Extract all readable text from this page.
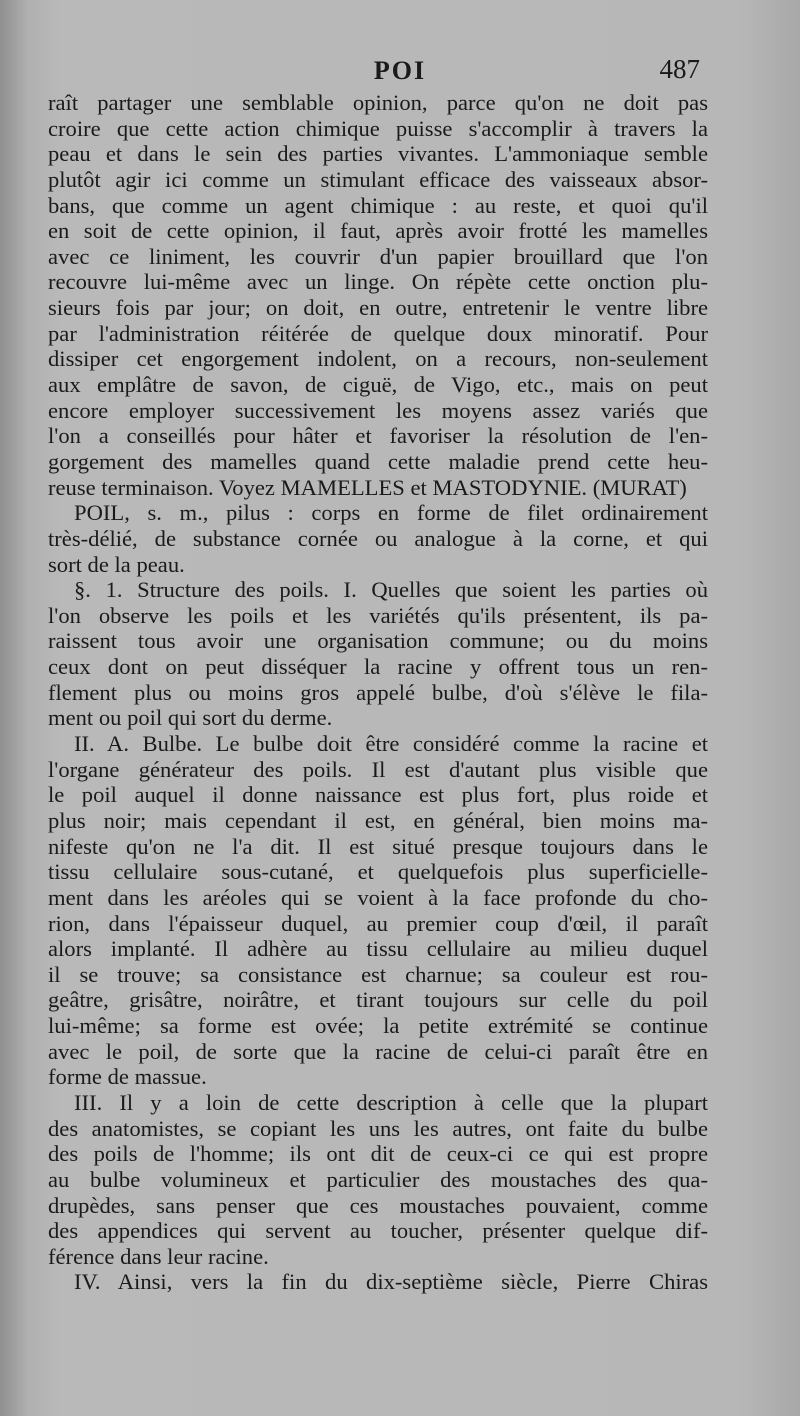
POI	487
raît partager une semblable opinion, parce qu'on ne doit pas
croire que cette action chimique puisse s'accomplir à travers la
peau et dans le sein des parties vivantes. L'ammoniaque semble
plutôt agir ici comme un stimulant efficace des vaisseaux absor-
bans, que comme un agent chimique : au reste, et quoi qu'il
en soit de cette opinion, il faut, après avoir frotté les mamelles
avec ce liniment, les couvrir d'un papier brouillard que l'on
recouvre lui-même avec un linge. On répète cette onction plu-
sieurs fois par jour; on doit, en outre, entretenir le ventre libre
par l'administration réitérée de quelque doux minoratif. Pour
dissiper cet engorgement indolent, on a recours, non-seulement
aux emplâtre de savon, de ciguë, de Vigo, etc., mais on peut
encore employer successivement les moyens assez variés que
l'on a conseillés pour hâter et favoriser la résolution de l'en-
gorgement des mamelles quand cette maladie prend cette heu-
reuse terminaison. Voyez MAMELLES et MASTODYNIE. (MURAT)
POIL, s. m., pilus : corps en forme de filet ordinairement
très-délié, de substance cornée ou analogue à la corne, et qui
sort de la peau.
§. 1. Structure des poils. I. Quelles que soient les parties où
l'on observe les poils et les variétés qu'ils présentent, ils pa-
raissent tous avoir une organisation commune; ou du moins
ceux dont on peut disséquer la racine y offrent tous un ren-
flement plus ou moins gros appelé bulbe, d'où s'élève le fila-
ment ou poil qui sort du derme.
II. A. Bulbe. Le bulbe doit être considéré comme la racine et
l'organe générateur des poils. Il est d'autant plus visible que
le poil auquel il donne naissance est plus fort, plus roide et
plus noir; mais cependant il est, en général, bien moins ma-
nifeste qu'on ne l'a dit. Il est situé presque toujours dans le
tissu cellulaire sous-cutané, et quelquefois plus superficielle-
ment dans les aréoles qui se voient à la face profonde du cho-
rion, dans l'épaisseur duquel, au premier coup d'œil, il paraît
alors implanté. Il adhère au tissu cellulaire au milieu duquel
il se trouve; sa consistance est charnue; sa couleur est rou-
geâtre, grisâtre, noirâtre, et tirant toujours sur celle du poil
lui-même; sa forme est ovée; la petite extrémité se continue
avec le poil, de sorte que la racine de celui-ci paraît être en
forme de massue.
III. Il y a loin de cette description à celle que la plupart
des anatomistes, se copiant les uns les autres, ont faite du bulbe
des poils de l'homme; ils ont dit de ceux-ci ce qui est propre
au bulbe volumineux et particulier des moustaches des qua-
drupèdes, sans penser que ces moustaches pouvaient, comme
des appendices qui servent au toucher, présenter quelque dif-
férence dans leur racine.
IV. Ainsi, vers la fin du dix-septième siècle, Pierre Chiras
